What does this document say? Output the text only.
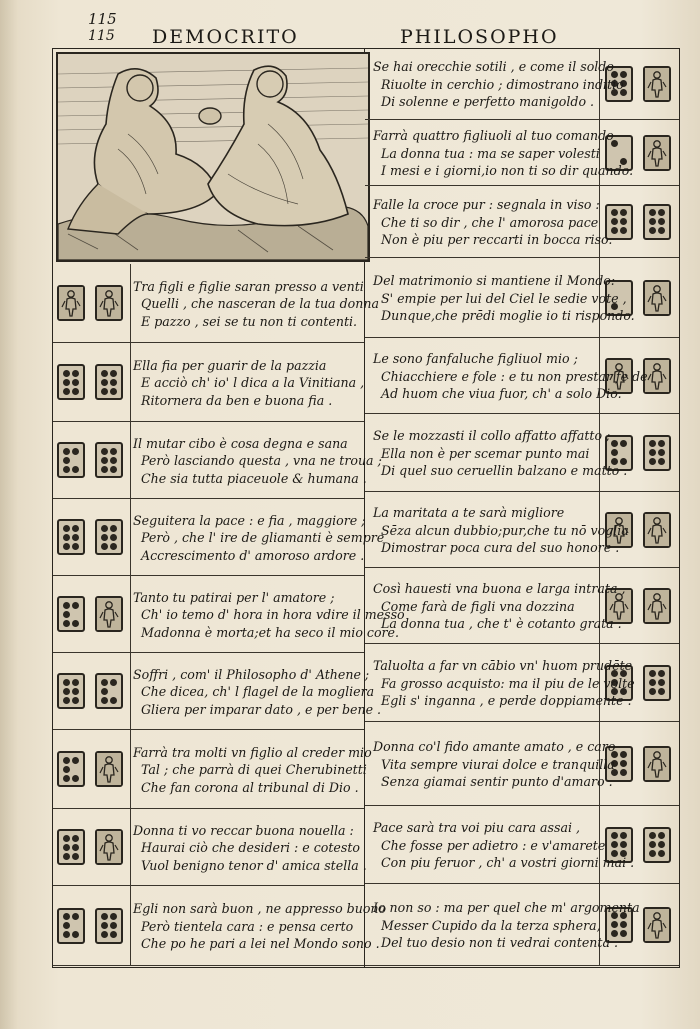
115
115 DEMOCRITO	PHILOSOPHO
Tra figli e figlie saran presso a venti
Quelli , che nasceran de la tua donna
E pazzo , sei se tu non ti contenti.
Ella fia per guarir de la pazzia
E acciò ch' io' l dica a la Vinitiana ,
Ritornera da ben e buona fia .
Il mutar cibo è cosa degna e sana
Però lasciando questa , vna ne troua ;
Che sia tutta piaceuole & humana .
Seguitera la pace : e fia , maggiore ;
Però , che l' ire de gliamanti è sempre
Accrescimento d' amoroso ardore .
Tanto tu patirai per l' amatore ;
Ch' io temo d' hora in hora vdire il messo
Madonna è morta;et ha seco il mio core.
Soffri , com' il Philosopho d' Athene ;
Che dicea, ch' l flagel de la mogliera
Gliera per imparar dato , e per bene .
Farrà tra molti vn figlio al creder mio
Tal ; che parrà di quei Cherubinetti
Che fan corona al tribunal di Dio .
Donna ti vo reccar buona nouella :
Haurai ciò che desideri : e cotesto
Vuol benigno tenor d' amica stella .
Egli non sarà buon , ne appresso buono
Però tientela cara : e pensa certo
Che po he pari a lei nel Mondo sono .
Se hai orecchie sotili , e come il soldo
Riuolte in cerchio ; dimostrano inditio
Di solenne e perfetto manigoldo .
Farrà quattro figliuoli al tuo comando
La donna tua : ma se saper volesti
I mesi e i giorni,io non ti so dir quando.
Falle la croce pur : segnala in viso :
Che ti so dir , che l' amorosa pace
Non è piu per reccarti in bocca riso.
Del matrimonio si mantiene il Mondo:
S' empie per lui del Ciel le sedie vote ,
Dunque,che prēdi moglie io ti rispondo.
Le sono fanfaluche figliuol mio ;
Chiacchiere e fole : e tu non prestar fe de
Ad huom che viua fuor, ch' a solo Dio.
Se le mozzasti il collo affatto affatto ;
Ella non è per scemar punto mai
Di quel suo ceruellin balzano e matto .
La maritata a te sarà migliore
Sēza alcun dubbio;pur,che tu nō voglia
Dimostrar poca cura del suo honore .
Così hauesti vna buona e larga intrata ,
Come farà de figli vna dozzina
La donna tua , che t' è cotanto grata .
Taluolta a far vn cābio vn' huom prudēte
Fa grosso acquisto: ma il piu de le volte
Egli s' inganna , e perde doppiamente .
Donna co'l fido amante amato , e caro
Vita sempre viurai dolce e tranquilla
Senza giamai sentir punto d'amaro .
Pace sarà tra voi piu cara assai ,
Che fosse per adietro : e v'amarete
Con piu feruor , ch' a vostri giorni mai .
Io non so : ma per quel che m' argomenta
Messer Cupido da la terza sphera,
Del tuo desio non ti vedrai contenta .
